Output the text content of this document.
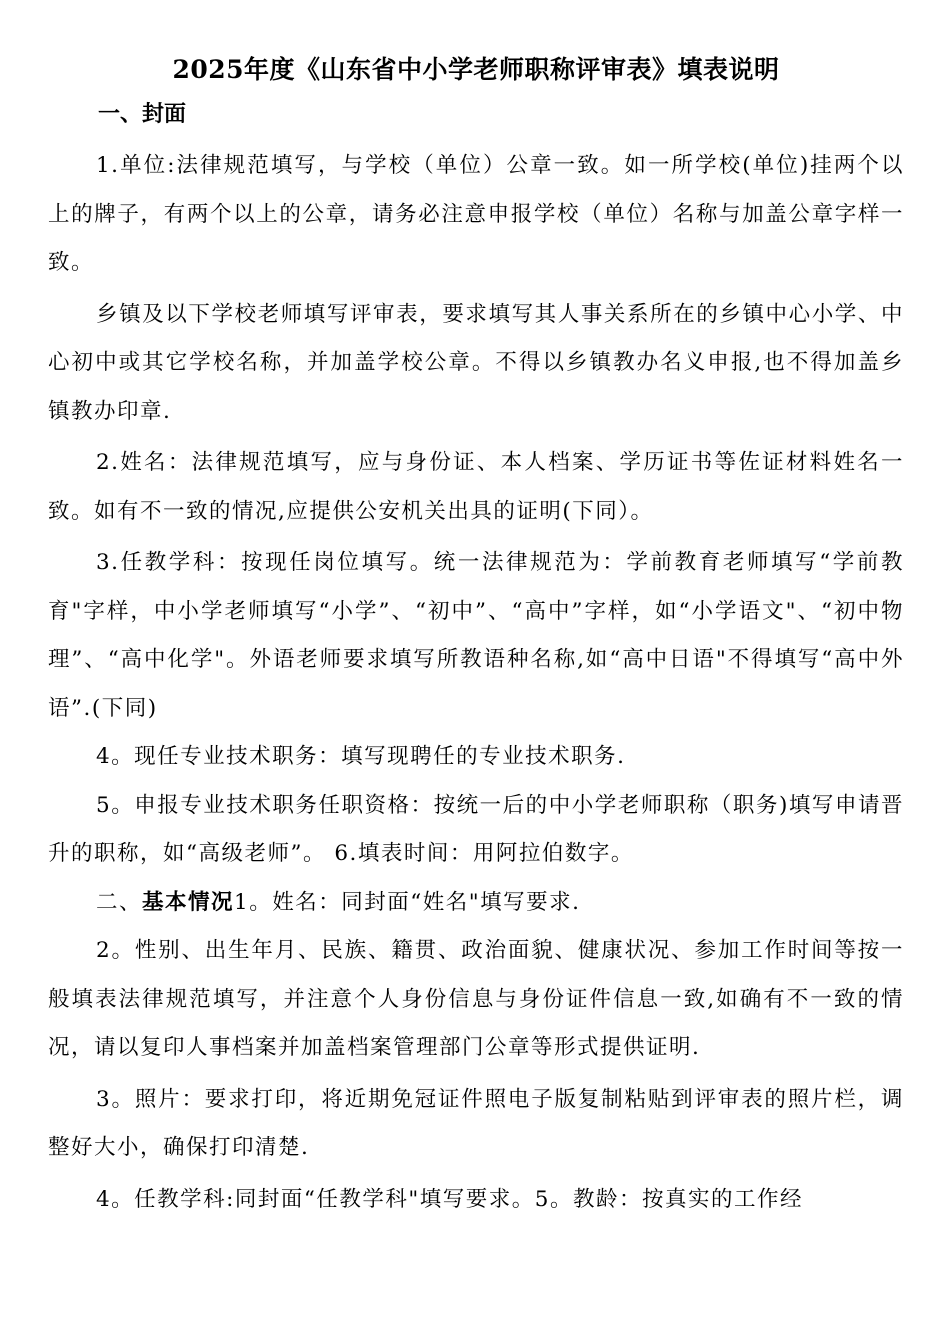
2025年度《山东省中小学老师职称评审表》填表说明
一、封面

1.单位:法律规范填写，与学校（单位）公章一致。如一所学校(单位)挂两个以上的牌子，有两个以上的公章，请务必注意申报学校（单位）名称与加盖公章字样一致。

乡镇及以下学校老师填写评审表，要求填写其人事关系所在的乡镇中心小学、中心初中或其它学校名称，并加盖学校公章。不得以乡镇教办名义申报,也不得加盖乡镇教办印章.

2.姓名：法律规范填写，应与身份证、本人档案、学历证书等佐证材料姓名一致。如有不一致的情况,应提供公安机关出具的证明(下同）。

3.任教学科：按现任岗位填写。统一法律规范为：学前教育老师填写“学前教育"字样，中小学老师填写“小学”、“初中”、“高中”字样，如“小学语文"、“初中物理”、“高中化学"。外语老师要求填写所教语种名称,如“高中日语"不得填写“高中外语”.(下同)

4。现任专业技术职务：填写现聘任的专业技术职务.

5。申报专业技术职务任职资格：按统一后的中小学老师职称（职务)填写申请晋升的职称，如“高级老师”。 6.填表时间：用阿拉伯数字。

二、基本情况1。姓名：同封面“姓名"填写要求.

2。性别、出生年月、民族、籍贯、政治面貌、健康状况、参加工作时间等按一般填表法律规范填写，并注意个人身份信息与身份证件信息一致,如确有不一致的情况，请以复印人事档案并加盖档案管理部门公章等形式提供证明.

3。照片：要求打印，将近期免冠证件照电子版复制粘贴到评审表的照片栏，调整好大小，确保打印清楚.

4。任教学科:同封面“任教学科"填写要求。5。教龄：按真实的工作经
